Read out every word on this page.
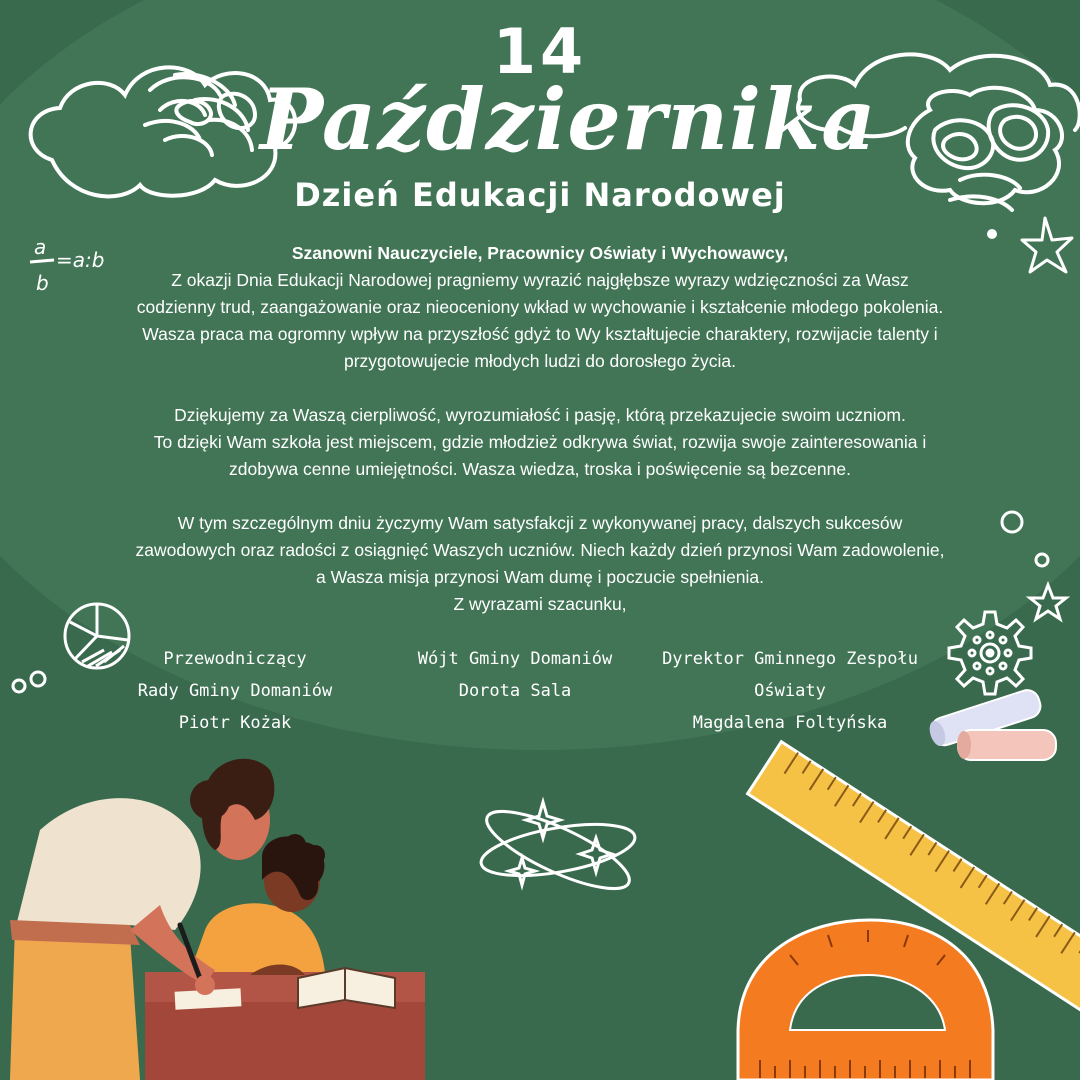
a
b
=a:b
14
Października
Dzień Edukacji Narodowej

Szanowni Nauczyciele, Pracownicy Oświaty i Wychowawcy,

Z okazji Dnia Edukacji Narodowej pragniemy wyrazić najgłębsze wyrazy wdzięczności za Wasz

codzienny trud, zaangażowanie oraz nieoceniony wkład w wychowanie i kształcenie młodego pokolenia.

Wasza praca ma ogromny wpływ na przyszłość gdyż to Wy kształtujecie charaktery, rozwijacie talenty i

przygotowujecie młodych ludzi do dorosłego życia.

Dziękujemy za Waszą cierpliwość, wyrozumiałość i pasję, którą przekazujecie swoim uczniom.

To dzięki Wam szkoła jest miejscem, gdzie młodzież odkrywa świat, rozwija swoje zainteresowania i

zdobywa cenne umiejętności. Wasza wiedza, troska i poświęcenie są bezcenne.

W tym szczególnym dniu życzymy Wam satysfakcji z wykonywanej pracy, dalszych sukcesów

zawodowych oraz radości z osiągnięć Waszych uczniów. Niech każdy dzień przynosi Wam zadowolenie,

a Wasza misja przynosi Wam dumę i poczucie spełnienia.

Z wyrazami szacunku,

Przewodniczący
Rady Gminy Domaniów
Piotr Kożak
Wójt Gminy Domaniów
Dorota Sala
Dyrektor Gminnego Zespołu
Oświaty
Magdalena Foltyńska
